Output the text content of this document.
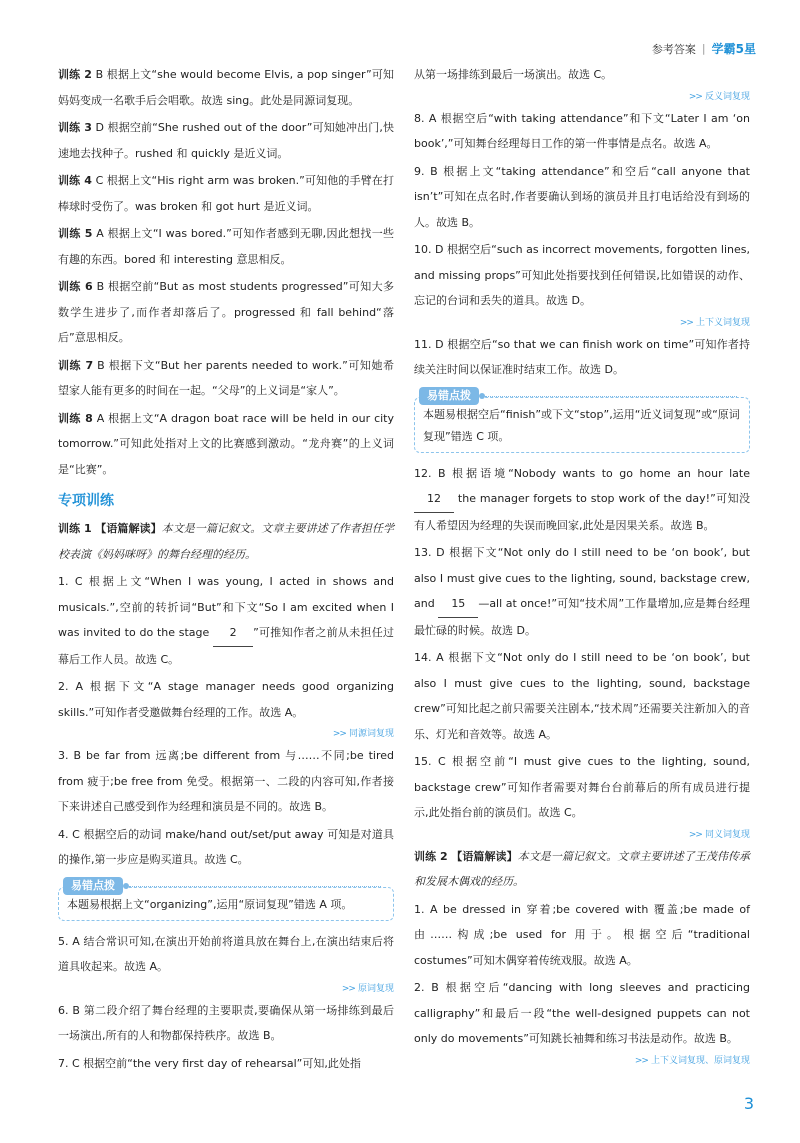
参考答案 | 学霸5星
训练 2 B 根据上文“she would become Elvis, a pop singer”可知妈妈变成一名歌手后会唱歌。故选 sing。此处是同源词复现。
训练 3 D 根据空前“She rushed out of the door”可知她冲出门,快速地去找种子。rushed 和 quickly 是近义词。
训练 4 C 根据上文“His right arm was broken.”可知他的手臂在打棒球时受伤了。was broken 和 got hurt 是近义词。
训练 5 A 根据上文“I was bored.”可知作者感到无聊,因此想找一些有趣的东西。bored 和 interesting 意思相反。
训练 6 B 根据空前“But as most students progressed”可知大多数学生进步了,而作者却落后了。progressed 和 fall behind“落后”意思相反。
训练 7 B 根据下文“But her parents needed to work.”可知她希望家人能有更多的时间在一起。“父母”的上义词是“家人”。
训练 8 A 根据上文“A dragon boat race will be held in our city tomorrow.”可知此处指对上文的比赛感到激动。“龙舟赛”的上义词是“比赛”。
专项训练
训练 1 【语篇解读】本文是一篇记叙文。文章主要讲述了作者担任学校表演《妈妈咪呀》的舞台经理的经历。
1. C 根据上文“When I was young, I acted in shows and musicals.”,空前的转折词“But”和下文“So I am excited when I was invited to do the stage 2 ”可推知作者之前从未担任过幕后工作人员。故选 C。
2. A 根据下文“A stage manager needs good organizing skills.”可知作者受邀做舞台经理的工作。故选 A。
>> 同源词复现
3. B be far from 远离;be different from 与……不同;be tired from 疲于;be free from 免受。根据第一、二段的内容可知,作者接下来讲述自己感受到作为经理和演员是不同的。故选 B。
4. C 根据空后的动词 make/hand out/set/put away 可知是对道具的操作,第一步应是购买道具。故选 C。
易错点拨
本题易根据上文“organizing”,运用“原词复现”错选 A 项。
5. A 结合常识可知,在演出开始前将道具放在舞台上,在演出结束后将道具收起来。故选 A。
>> 原词复现
6. B 第二段介绍了舞台经理的主要职责,要确保从第一场排练到最后一场演出,所有的人和物都保持秩序。故选 B。
7. C 根据空前“the very first day of rehearsal”可知,此处指
从第一场排练到最后一场演出。故选 C。
>> 反义词复现
8. A 根据空后“with taking attendance”和下文“Later I am ‘on book’,”可知舞台经理每日工作的第一件事情是点名。故选 A。
9. B 根据上文“taking attendance”和空后“call anyone that isn’t”可知在点名时,作者要确认到场的演员并且打电话给没有到场的人。故选 B。
10. D 根据空后“such as incorrect movements, forgotten lines, and missing props”可知此处指要找到任何错误,比如错误的动作、忘记的台词和丢失的道具。故选 D。
>> 上下义词复现
11. D 根据空后“so that we can finish work on time”可知作者持续关注时间以保证准时结束工作。故选 D。
易错点拨
本题易根据空后“finish”或下文“stop”,运用“近义词复现”或“原词复现”错选 C 项。
12. B 根据语境“Nobody wants to go home an hour late 12 the manager forgets to stop work of the day!”可知没有人希望因为经理的失误而晚回家,此处是因果关系。故选 B。
13. D 根据下文“Not only do I still need to be ‘on book’, but also I must give cues to the lighting, sound, backstage crew, and 15 —all at once!”可知“技术周”工作量增加,应是舞台经理最忙碌的时候。故选 D。
14. A 根据下文“Not only do I still need to be ‘on book’, but also I must give cues to the lighting, sound, backstage crew”可知比起之前只需要关注剧本,“技术周”还需要关注新加入的音乐、灯光和音效等。故选 A。
15. C 根据空前“I must give cues to the lighting, sound, backstage crew”可知作者需要对舞台台前幕后的所有成员进行提示,此处指台前的演员们。故选 C。
>> 同义词复现
训练 2 【语篇解读】本文是一篇记叙文。文章主要讲述了王茂伟传承和发展木偶戏的经历。
1. A be dressed in 穿着;be covered with 覆盖;be made of 由……构成;be used for 用于。根据空后“traditional costumes”可知木偶穿着传统戏服。故选 A。
2. B 根据空后“dancing with long sleeves and practicing calligraphy”和最后一段“the well-designed puppets can not only do movements”可知跳长袖舞和练习书法是动作。故选 B。
>> 上下义词复现、原词复现
3
